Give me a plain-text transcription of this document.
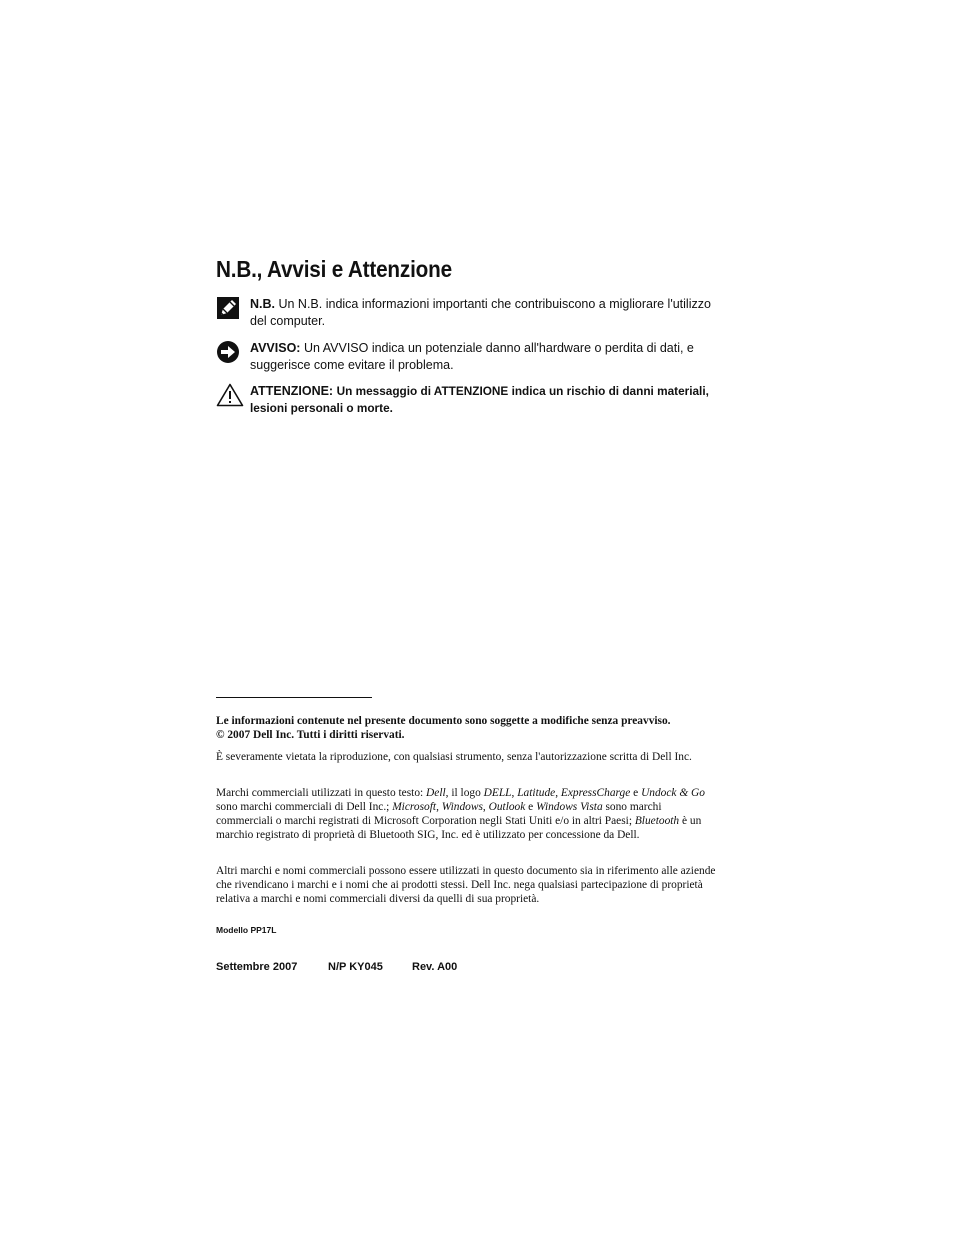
N.B., Avvisi e Attenzione
N.B. Un N.B. indica informazioni importanti che contribuiscono a migliorare l'utilizzo del computer.
AVVISO: Un AVVISO indica un potenziale danno all'hardware o perdita di dati, e suggerisce come evitare il problema.
ATTENZIONE: Un messaggio di ATTENZIONE indica un rischio di danni materiali, lesioni personali o morte.

Le informazioni contenute nel presente documento sono soggette a modifiche senza preavviso.

© 2007 Dell Inc. Tutti i diritti riservati.

È severamente vietata la riproduzione, con qualsiasi strumento, senza l'autorizzazione scritta di Dell Inc.

Marchi commerciali utilizzati in questo testo: Dell, il logo DELL, Latitude, ExpressCharge e Undock & Go sono marchi commerciali di Dell Inc.; Microsoft, Windows, Outlook e Windows Vista sono marchi commerciali o marchi registrati di Microsoft Corporation negli Stati Uniti e/o in altri Paesi; Bluetooth è un marchio registrato di proprietà di Bluetooth SIG, Inc. ed è utilizzato per concessione da Dell.

Altri marchi e nomi commerciali possono essere utilizzati in questo documento sia in riferimento alle aziende che rivendicano i marchi e i nomi che ai prodotti stessi. Dell Inc. nega qualsiasi partecipazione di proprietà relativa a marchi e nomi commerciali diversi da quelli di sua proprietà.

Modello PP17L
Settembre 2007	N/P KY045	Rev. A00
